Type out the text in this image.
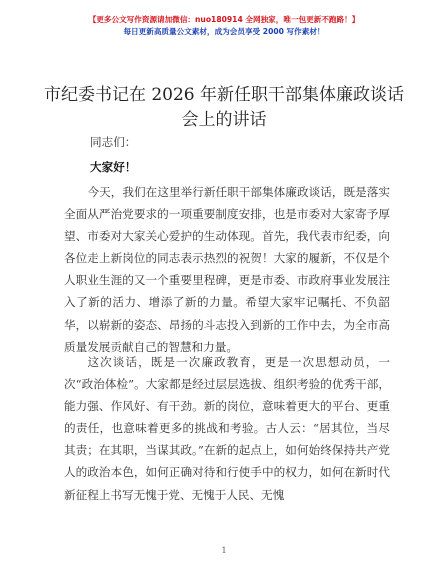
【更多公文写作资源请加微信：nuo180914 全网独家，唯一包更新不跑路！】
每日更新高质量公文素材，成为会员享受 2000 写作素材！
市纪委书记在 2026 年新任职干部集体廉政谈话
会上的讲话
同志们：
大家好！
今天，我们在这里举行新任职干部集体廉政谈话，既是落实全面从严治党要求的一项重要制度安排，也是市委对大家寄予厚望、市委对大家关心爱护的生动体现。首先，我代表市纪委，向各位走上新岗位的同志表示热烈的祝贺！大家的履新，不仅是个人职业生涯的又一个重要里程碑，更是市委、市政府事业发展注入了新的活力、增添了新的力量。希望大家牢记嘱托、不负韶华，以崭新的姿态、昂扬的斗志投入到新的工作中去，为全市高质量发展贡献自己的智慧和力量。
这次谈话，既是一次廉政教育，更是一次思想动员，一次“政治体检”。大家都是经过层层选拔、组织考验的优秀干部，能力强、作风好、有干劲。新的岗位，意味着更大的平台、更重的责任，也意味着更多的挑战和考验。古人云：“居其位，当尽其责；在其职，当谋其政。”在新的起点上，如何始终保持共产党人的政治本色，如何正确对待和行使手中的权力，如何在新时代新征程上书写无愧于党、无愧于人民、无愧
1
